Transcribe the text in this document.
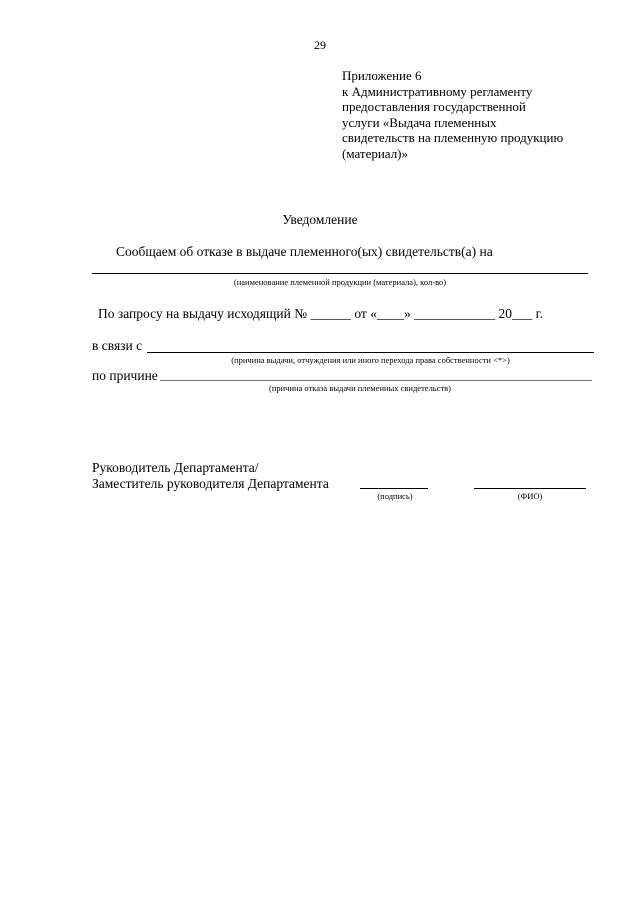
29
Приложение 6
к Административному регламенту
предоставления государственной
услуги «Выдача племенных
свидетельств на племенную продукцию
(материал)»
Уведомление
Сообщаем об отказе в выдаче племенного(ых) свидетельств(а) на
(наименование племенной продукции (материала), кол-во)
По запросу на выдачу исходящий № ______ от «____» ____________ 20___ г.
в связи с
(причина выдачи, отчуждения или иного перехода права собственности <*>)
по причине
(причина отказа выдачи племенных свидетельств)
Руководитель Департамента/
Заместитель руководителя Департамента
(подпись)	(ФИО)
